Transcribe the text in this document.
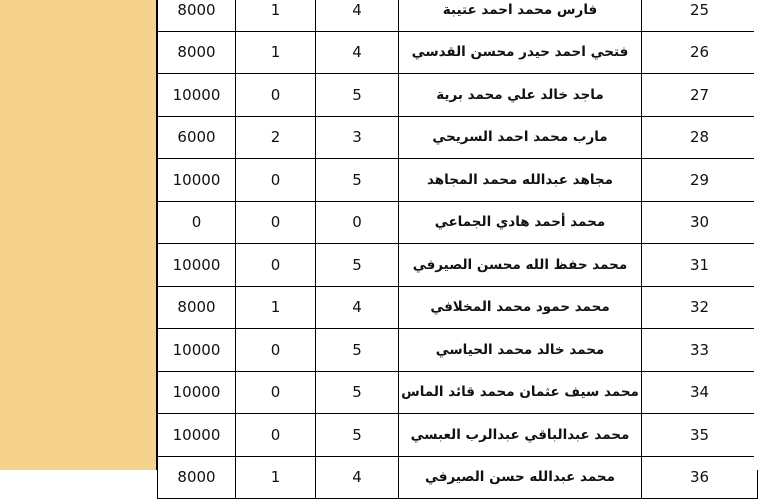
8000	1	4	فارس محمد احمد عتيبة	25
8000	1	4	فتحي احمد حيدر محسن القدسي	26
10000	0	5	ماجد خالد علي محمد برية	27
6000	2	3	مارب محمد احمد السريحي	28
10000	0	5	مجاهد عبدالله محمد المجاهد	29
0	0	0	محمد أحمد هادي الجماعي	30
10000	0	5	محمد حفظ الله محسن الصيرفي	31
8000	1	4	محمد حمود محمد المخلافي	32
10000	0	5	محمد خالد محمد الحياسي	33
10000	0	5	محمد سيف عثمان محمد قائد الماس	34
10000	0	5	محمد عبدالباقي عبدالرب العبسي	35
8000	1	4	محمد عبدالله حسن الصيرفي	36
